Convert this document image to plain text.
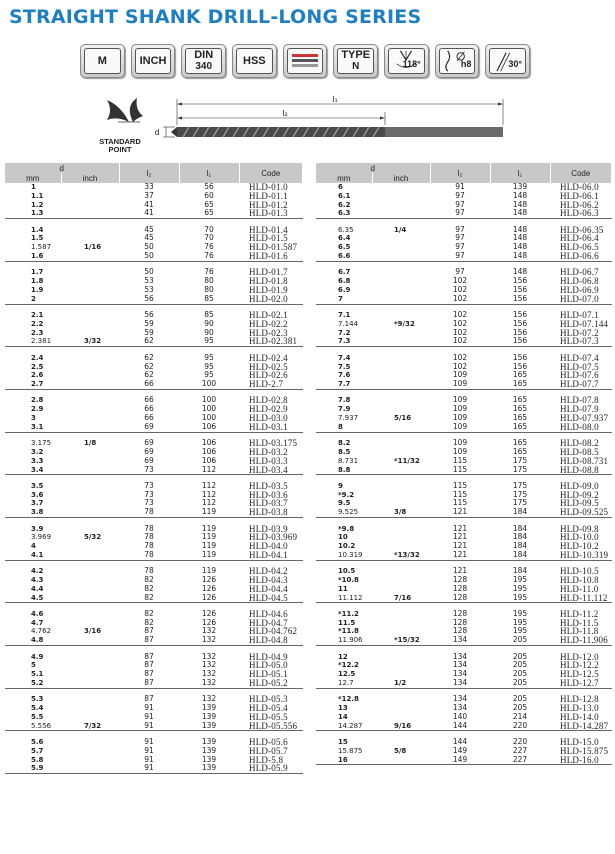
STRAIGHT SHANK DRILL-LONG SERIES
M	INCH	DIN
340	HSS	TYPE
N	118°	h8	30°
STANDARD
POINT
l₁
l₂
d
d		l₂	l₁	Code
mm	inch			
1		33	56	HLD-01.0
1.1		37	60	HLD-01.1
1.2		41	65	HLD-01.2
1.3		41	65	HLD-01.3

1.4		45	70	HLD-01.4
1.5		45	70	HLD-01.5
1.587	1/16	50	76	HLD-01.587
1.6		50	76	HLD-01.6

1.7		50	76	HLD-01.7
1.8		53	80	HLD-01.8
1.9		53	80	HLD-01.9
2		56	85	HLD-02.0

2.1		56	85	HLD-02.1
2.2		59	90	HLD-02.2
2.3		59	90	HLD-02.3
2.381	3/32	62	95	HLD-02.381

2.4		62	95	HLD-02.4
2.5		62	95	HLD-02.5
2.6		62	95	HLD-02.6
2.7		66	100	HLD-2.7

2.8		66	100	HLD-02.8
2.9		66	100	HLD-02.9
3		66	100	HLD-03.0
3.1		69	106	HLD-03.1

3.175	1/8	69	106	HLD-03.175
3.2		69	106	HLD-03.2
3.3		69	106	HLD-03.3
3.4		73	112	HLD-03.4

3.5		73	112	HLD-03.5
3.6		73	112	HLD-03.6
3.7		73	112	HLD-03.7
3.8		78	119	HLD-03.8

3.9		78	119	HLD-03.9
3.969	5/32	78	119	HLD-03.969
4		78	119	HLD-04.0
4.1		78	119	HLD-04.1

4.2		78	119	HLD-04.2
4.3		82	126	HLD-04.3
4.4		82	126	HLD-04.4
4.5		82	126	HLD-04.5

4.6		82	126	HLD-04.6
4.7		82	126	HLD-04.7
4.762	3/16	87	132	HLD-04.762
4.8		87	132	HLD-04.8

4.9		87	132	HLD-04.9
5		87	132	HLD-05.0
5.1		87	132	HLD-05.1
5.2		87	132	HLD-05.2

5.3		87	132	HLD-05.3
5.4		91	139	HLD-05.4
5.5		91	139	HLD-05.5
5.556	7/32	91	139	HLD-05.556

5.6		91	139	HLD-05.6
5.7		91	139	HLD-05.7
5.8		91	139	HLD-5.8
5.9		91	139	HLD-05.9
d		l₂	l₁	Code
mm	inch			
6		91	139	HLD-06.0
6.1		97	148	HLD-06.1
6.2		97	148	HLD-06.2
6.3		97	148	HLD-06.3

6.35	1/4	97	148	HLD-06.35
6.4		97	148	HLD-06.4
6.5		97	148	HLD-06.5
6.6		97	148	HLD-06.6

6.7		97	148	HLD-06.7
6.8		102	156	HLD-06.8
6.9		102	156	HLD-06.9
7		102	156	HLD-07.0

7.1		102	156	HLD-07.1
7.144	*9/32	102	156	HLD-07.144
7.2		102	156	HLD-07.2
7.3		102	156	HLD-07.3

7.4		102	156	HLD-07.4
7.5		102	156	HLD-07.5
7.6		109	165	HLD-07.6
7.7		109	165	HLD-07.7

7.8		109	165	HLD-07.8
7.9		109	165	HLD-07.9
7.937	5/16	109	165	HLD-07.937
8		109	165	HLD-08.0

8.2		109	165	HLD-08.2
8.5		109	165	HLD-08.5
8.731	*11/32	115	175	HLD-08.731
8.8		115	175	HLD-08.8

9		115	175	HLD-09.0
*9.2		115	175	HLD-09.2
9.5		115	175	HLD-09.5
9.525	3/8	121	184	HLD-09.525

*9.8		121	184	HLD-09.8
10		121	184	HLD-10.0
10.2		121	184	HLD-10.2
10.319	*13/32	121	184	HLD-10.319

10.5		121	184	HLD-10.5
*10.8		128	195	HLD-10.8
11		128	195	HLD-11.0
11.112	7/16	128	195	HLD-11.112

*11.2		128	195	HLD-11.2
11.5		128	195	HLD-11.5
*11.8		128	195	HLD-11.8
11.906	*15/32	134	205	HLD-11.906

12		134	205	HLD-12.0
*12.2		134	205	HLD-12.2
12.5		134	205	HLD-12.5
12.7	1/2	134	205	HLD-12.7

*12.8		134	205	HLD-12.8
13		134	205	HLD-13.0
14		140	214	HLD-14.0
14.287	9/16	144	220	HLD-14.287

15		144	220	HLD-15.0
15.875	5/8	149	227	HLD-15.875
16		149	227	HLD-16.0
